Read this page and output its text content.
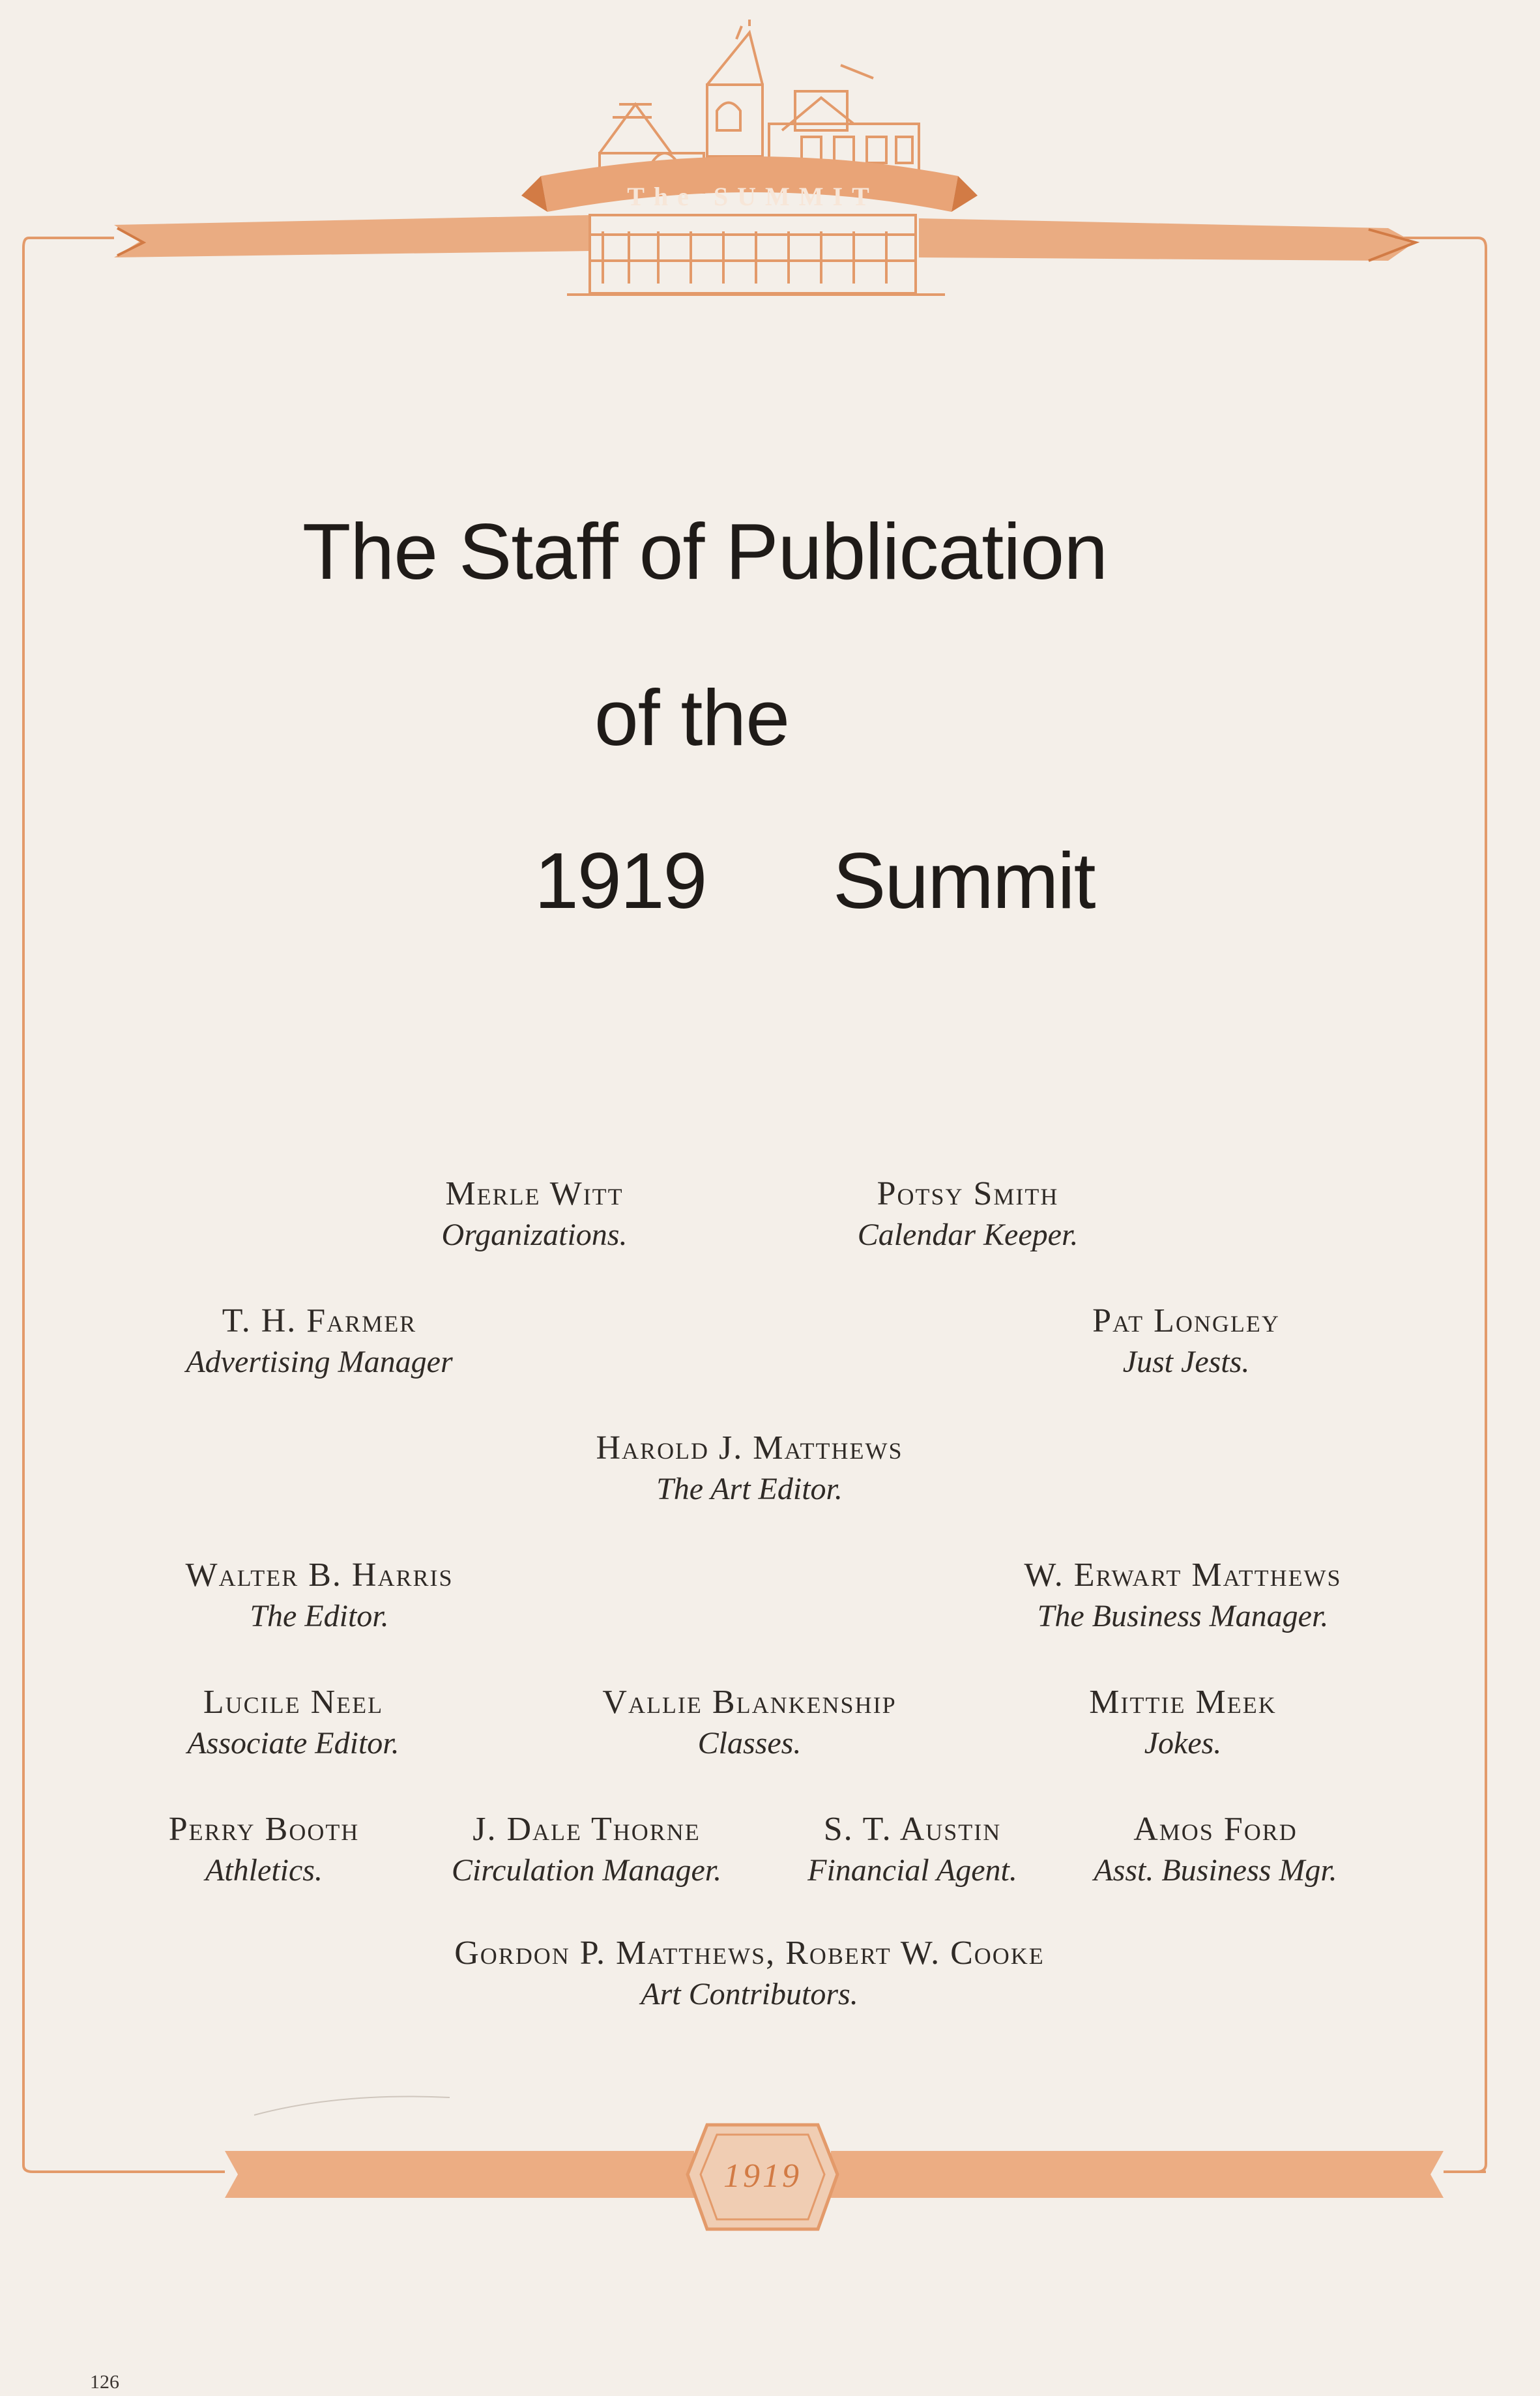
The SUMMIT
1919
The Staff of Publication
of the
1919 Summit
Merle Witt
Organizations.
Potsy Smith
Calendar Keeper.
T. H. Farmer
Advertising Manager
Pat Longley
Just Jests.
Harold J. Matthews
The Art Editor.
Walter B. Harris
The Editor.
W. Erwart Matthews
The Business Manager.
Lucile Neel
Associate Editor.
Vallie Blankenship
Classes.
Mittie Meek
Jokes.
Perry Booth
Athletics.
J. Dale Thorne
Circulation Manager.
S. T. Austin
Financial Agent.
Amos Ford
Asst. Business Mgr.
Gordon P. Matthews, Robert W. Cooke
Art Contributors.
126
